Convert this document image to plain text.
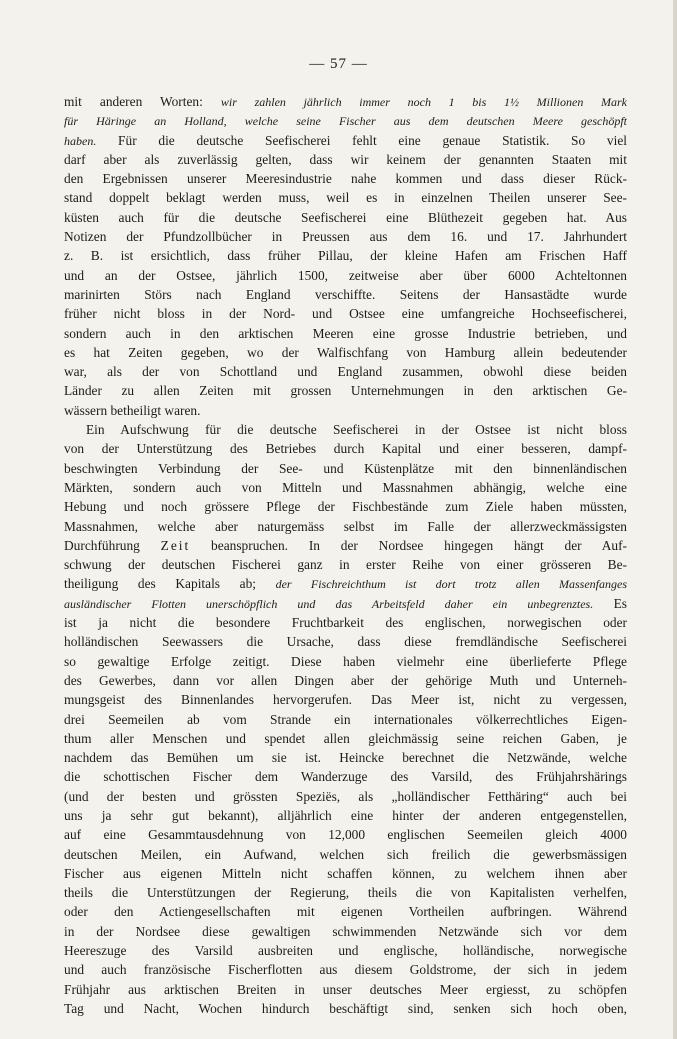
— 57 —
mit anderen Worten: wir zahlen jährlich immer noch 1 bis 1½ Millionen Mark
für Häringe an Holland, welche seine Fischer aus dem deutschen Meere geschöpft
haben. Für die deutsche Seefischerei fehlt eine genaue Statistik. So viel
darf aber als zuverlässig gelten, dass wir keinem der genannten Staaten mit
den Ergebnissen unserer Meeresindustrie nahe kommen und dass dieser Rück-
stand doppelt beklagt werden muss, weil es in einzelnen Theilen unserer See-
küsten auch für die deutsche Seefischerei eine Blüthezeit gegeben hat. Aus
Notizen der Pfundzollbücher in Preussen aus dem 16. und 17. Jahrhundert
z. B. ist ersichtlich, dass früher Pillau, der kleine Hafen am Frischen Haff
und an der Ostsee, jährlich 1500, zeitweise aber über 6000 Achteltonnen
marinirten Störs nach England verschiffte. Seitens der Hansastädte wurde
früher nicht bloss in der Nord- und Ostsee eine umfangreiche Hochseefischerei,
sondern auch in den arktischen Meeren eine grosse Industrie betrieben, und
es hat Zeiten gegeben, wo der Walfischfang von Hamburg allein bedeutender
war, als der von Schottland und England zusammen, obwohl diese beiden
Länder zu allen Zeiten mit grossen Unternehmungen in den arktischen Ge-
wässern betheiligt waren.
Ein Aufschwung für die deutsche Seefischerei in der Ostsee ist nicht bloss
von der Unterstützung des Betriebes durch Kapital und einer besseren, dampf-
beschwingten Verbindung der See- und Küstenplätze mit den binnenländischen
Märkten, sondern auch von Mitteln und Massnahmen abhängig, welche eine
Hebung und noch grössere Pflege der Fischbestände zum Ziele haben müssten,
Massnahmen, welche aber naturgemäss selbst im Falle der allerzweckmässigsten
Durchführung Zeit beanspruchen. In der Nordsee hingegen hängt der Auf-
schwung der deutschen Fischerei ganz in erster Reihe von einer grösseren Be-
theiligung des Kapitals ab; der Fischreichthum ist dort trotz allen Massenfanges
ausländischer Flotten unerschöpflich und das Arbeitsfeld daher ein unbegrenztes. Es
ist ja nicht die besondere Fruchtbarkeit des englischen, norwegischen oder
holländischen Seewassers die Ursache, dass diese fremdländische Seefischerei
so gewaltige Erfolge zeitigt. Diese haben vielmehr eine überlieferte Pflege
des Gewerbes, dann vor allen Dingen aber der gehörige Muth und Unterneh-
mungsgeist des Binnenlandes hervorgerufen. Das Meer ist, nicht zu vergessen,
drei Seemeilen ab vom Strande ein internationales völkerrechtliches Eigen-
thum aller Menschen und spendet allen gleichmässig seine reichen Gaben, je
nachdem das Bemühen um sie ist. Heincke berechnet die Netzwände, welche
die schottischen Fischer dem Wanderzuge des Varsild, des Frühjahrshärings
(und der besten und grössten Speziës, als „holländischer Fetthäring“ auch bei
uns ja sehr gut bekannt), alljährlich eine hinter der anderen entgegenstellen,
auf eine Gesammtausdehnung von 12,000 englischen Seemeilen gleich 4000
deutschen Meilen, ein Aufwand, welchen sich freilich die gewerbsmässigen
Fischer aus eigenen Mitteln nicht schaffen können, zu welchem ihnen aber
theils die Unterstützungen der Regierung, theils die von Kapitalisten verhelfen,
oder den Actiengesellschaften mit eigenen Vortheilen aufbringen. Während
in der Nordsee diese gewaltigen schwimmenden Netzwände sich vor dem
Heereszuge des Varsild ausbreiten und englische, holländische, norwegische
und auch französische Fischerflotten aus diesem Goldstrome, der sich in jedem
Frühjahr aus arktischen Breiten in unser deutsches Meer ergiesst, zu schöpfen
Tag und Nacht, Wochen hindurch beschäftigt sind, senken sich hoch oben,
